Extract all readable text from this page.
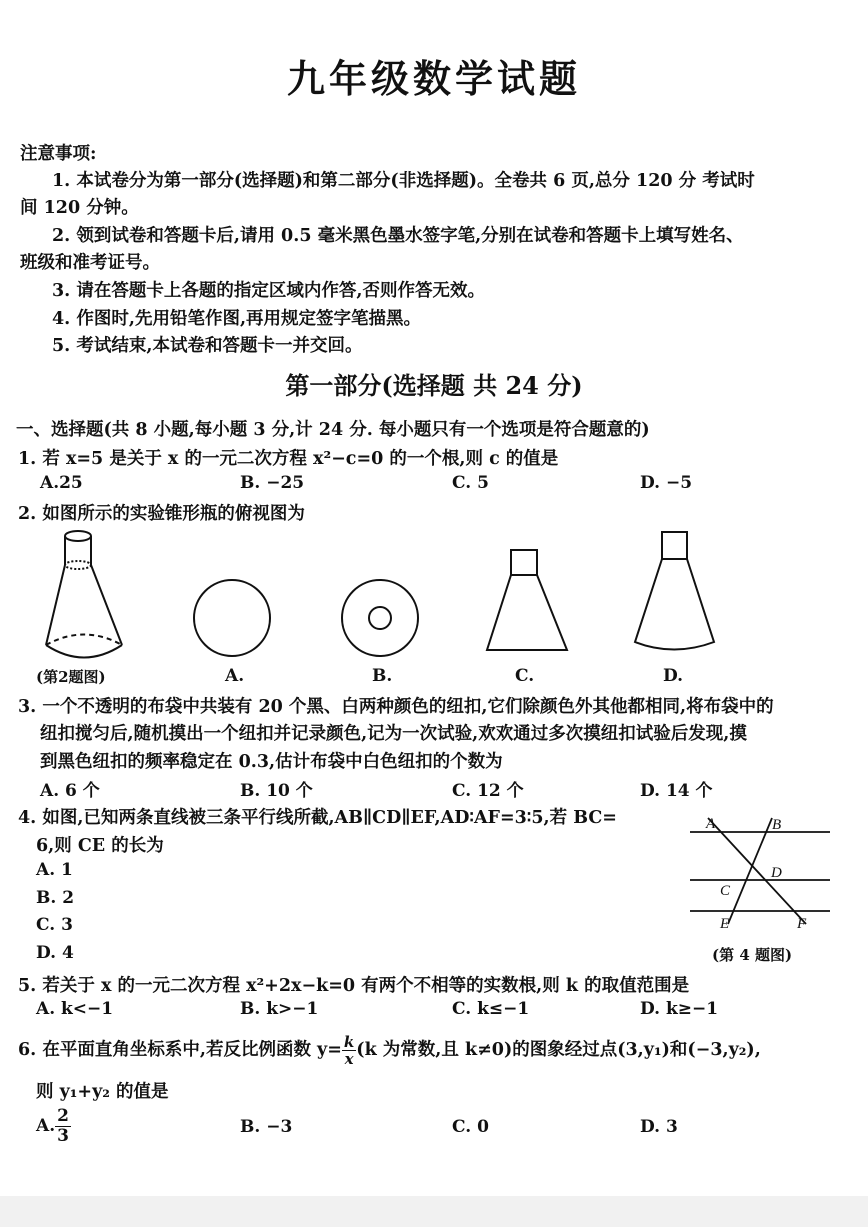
九年级数学试题
注意事项:
1. 本试卷分为第一部分(选择题)和第二部分(非选择题)。全卷共 6 页,总分 120 分 考试时
间 120 分钟。
2. 领到试卷和答题卡后,请用 0.5 毫米黑色墨水签字笔,分别在试卷和答题卡上填写姓名、
班级和准考证号。
3. 请在答题卡上各题的指定区域内作答,否则作答无效。
4. 作图时,先用铅笔作图,再用规定签字笔描黑。
5. 考试结束,本试卷和答题卡一并交回。
第一部分(选择题 共 24 分)
一、选择题(共 8 小题,每小题 3 分,计 24 分. 每小题只有一个选项是符合题意的)
1. 若 x=5 是关于 x 的一元二次方程 x²−c=0 的一个根,则 c 的值是
A.25	B. −25	C. 5	D. −5
2. 如图所示的实验锥形瓶的俯视图为
(第2题图)	A.	B.	C.	D.
3. 一个不透明的布袋中共装有 20 个黑、白两种颜色的纽扣,它们除颜色外其他都相同,将布袋中的
纽扣搅匀后,随机摸出一个纽扣并记录颜色,记为一次试验,欢欢通过多次摸纽扣试验后发现,摸
到黑色纽扣的频率稳定在 0.3,估计布袋中白色纽扣的个数为
A. 6 个	B. 10 个	C. 12 个	D. 14 个
4. 如图,已知两条直线被三条平行线所截,AB∥CD∥EF,AD∶AF=3∶5,若 BC=
6,则 CE 的长为
A. 1
B. 2
C. 3
D. 4
A	B
C
D
E	F
(第 4 题图)
5. 若关于 x 的一元二次方程 x²+2x−k=0 有两个不相等的实数根,则 k 的取值范围是
A. k<−1	B. k>−1	C. k≤−1	D. k≥−1
6. 在平面直角坐标系中,若反比例函数 $y= \frac{k}{x} (k$ 为常数,且 k≠0)的图象经过点(3,y₁)和(−3,y₂),
则 y₁+y₂ 的值是
A. $\frac{2}{3}$	B. −3	C. 0	D. 3
